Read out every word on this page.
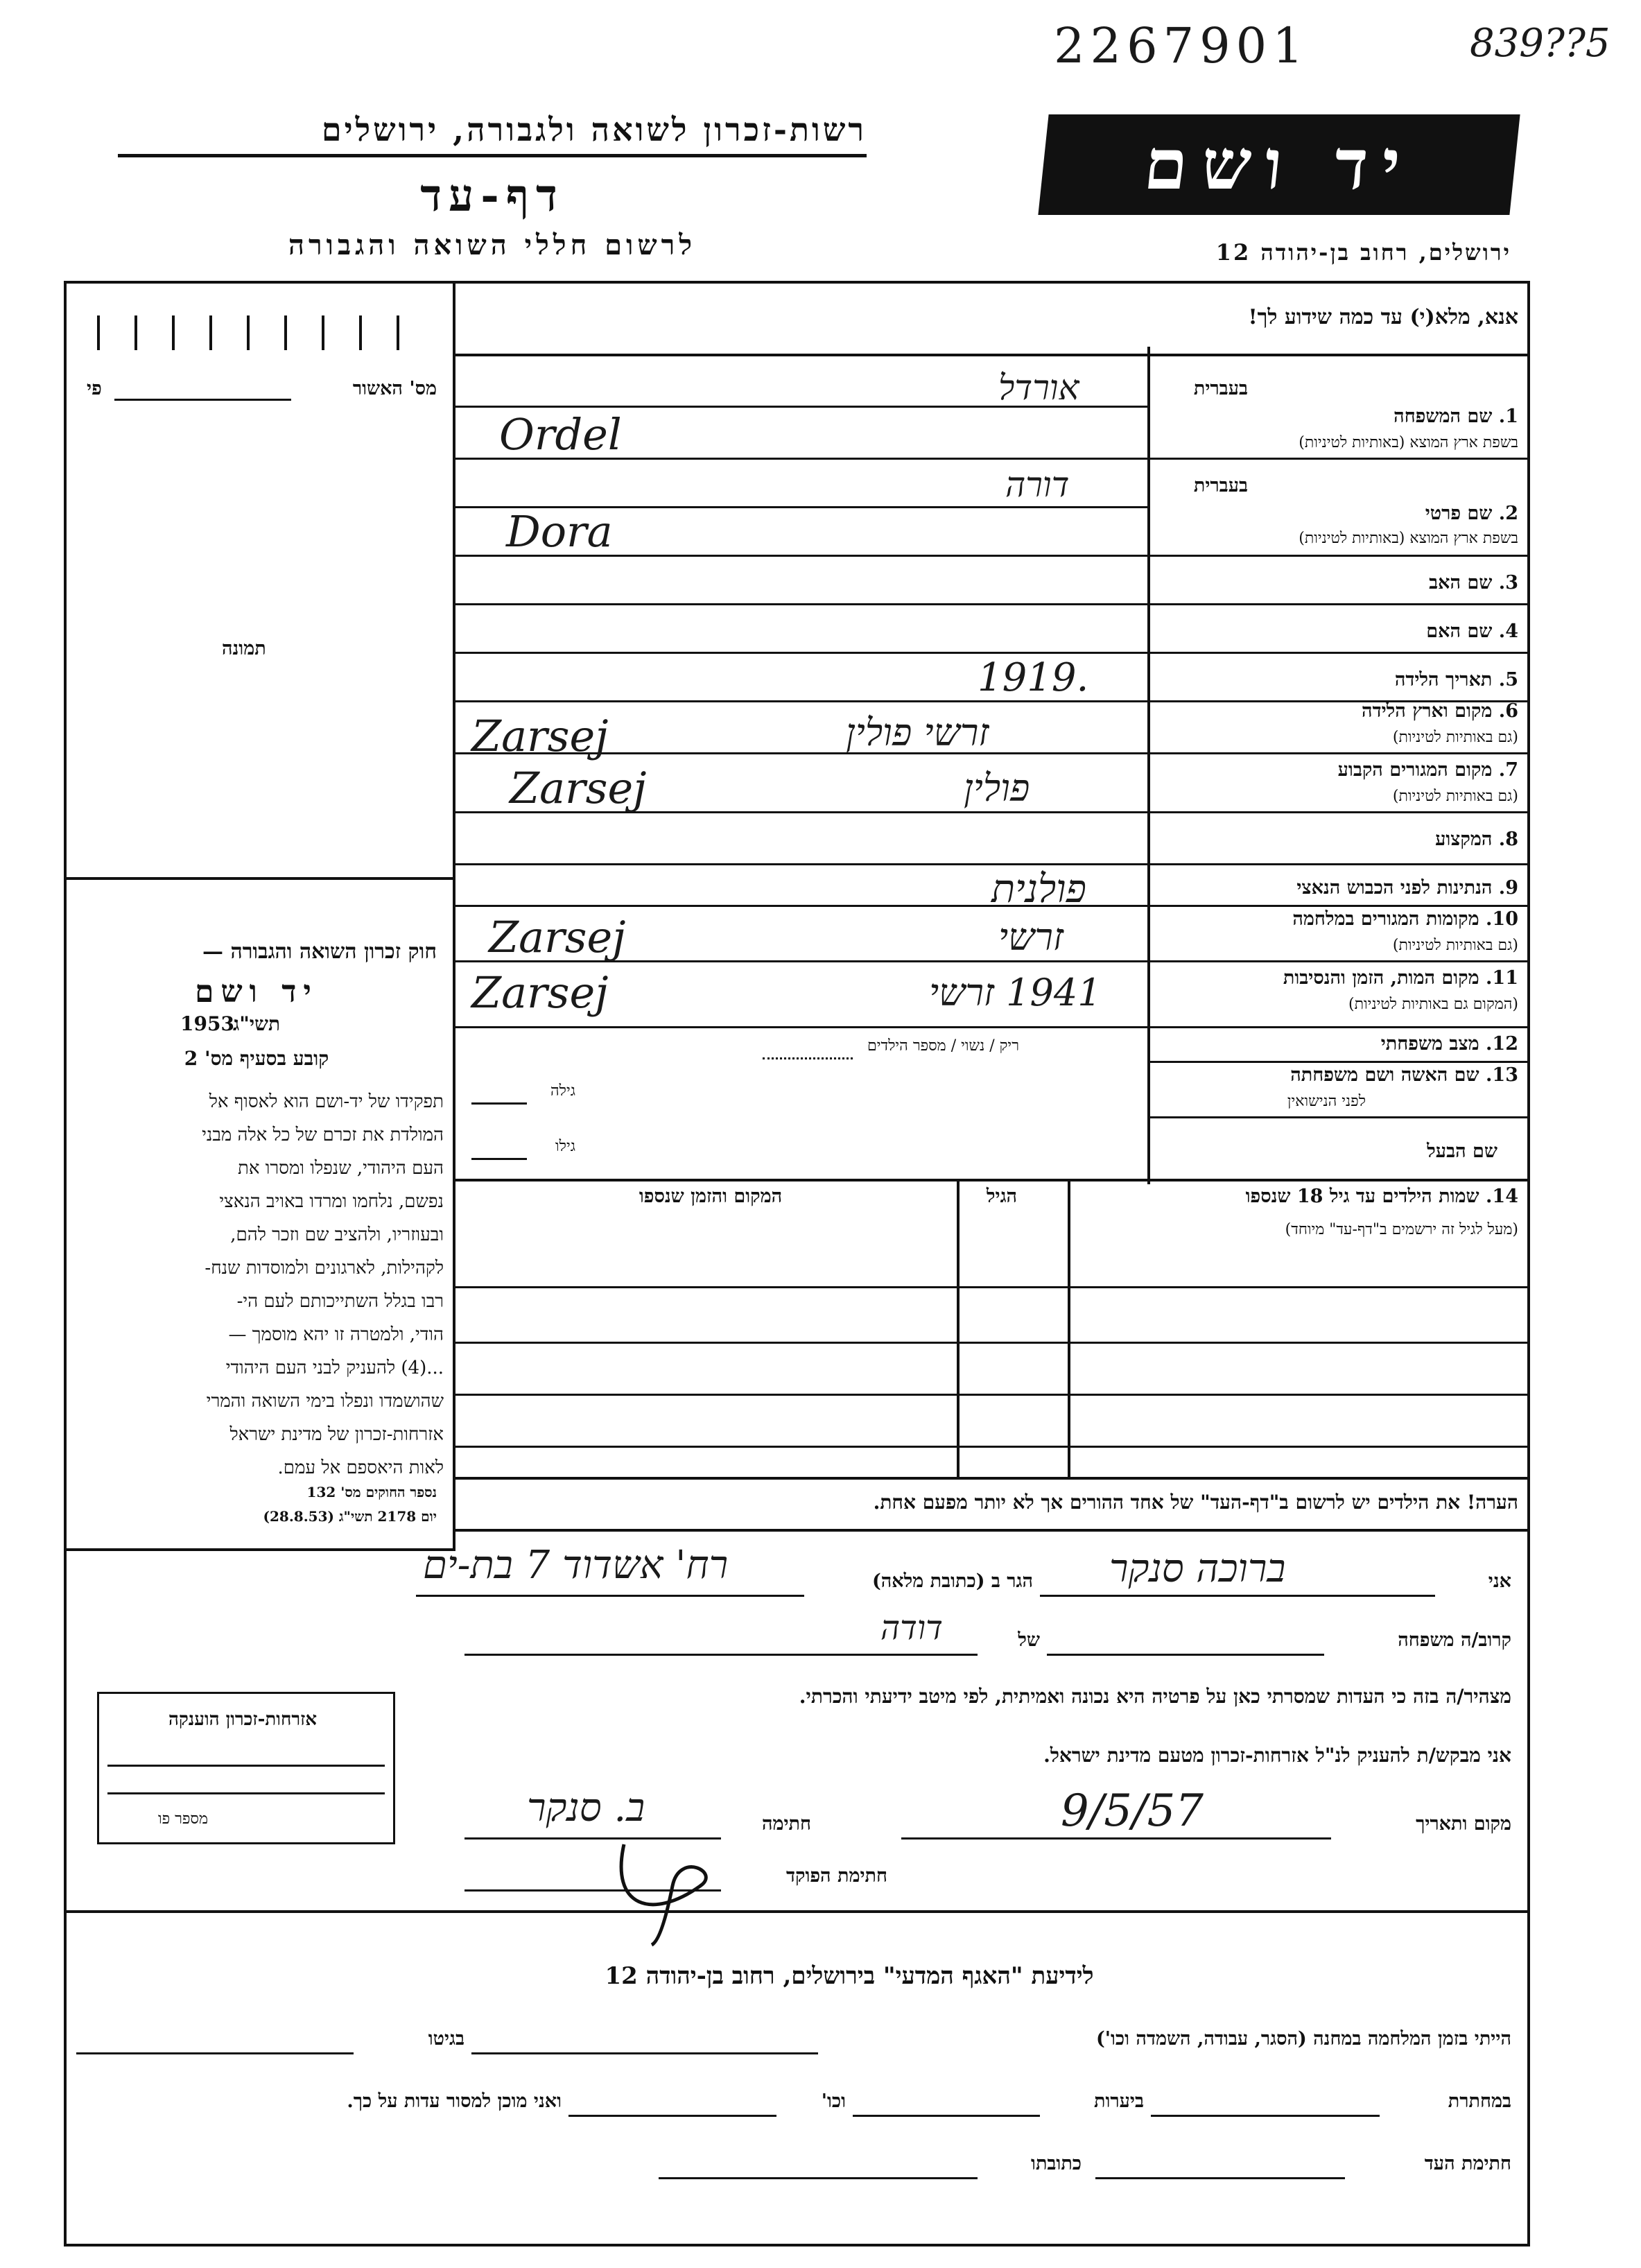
2267901	839??5
רשות-זכרון לשואה ולגבורה, ירושלים
דף-עד
לרשום חללי השואה והגבורה
יד ושם
ירושלים, רחוב בן-יהודה 12
אנא, מלא(י) עד כמה שידוע לך!
מס' האשור
פי
תמונה
בעברית
1. שם המשפחה
בשפת ארץ המוצא (באותיות לטיניות)
אורדל
Ordel
בעברית
2. שם פרטי
בשפת ארץ המוצא (באותיות לטיניות)
דורה
Dora
3. שם האב
4. שם האם
5. תאריך הלידה
1919.
6. מקום וארץ הלידה
(גם באותיות לטיניות)
Zarsej	זרשי פולין
7. מקום המגורים הקבוע
(גם באותיות לטיניות)
Zarsej	פולין
8. המקצוע
9. הנתינות לפני הכבוש הנאצי
פולנית
10. מקומות המגורים במלחמה
(גם באותיות לטיניות)
Zarsej	זרשי
11. מקום המות, הזמן והנסיבות
(המקום גם באותיות לטיניות)
Zarsej	1941 זרשי
12. מצב משפחתי
ריק / נשוי / מספר הילדים
13. שם האשה ושם משפחתה
לפני הנישואין
גילה
שם הבעל
גילו
14. שמות הילדים עד גיל 18 שנספו
(מעל לגיל זה ירשמים ב"דף-עד" מיוחד)
הגיל
המקום והזמן שנספו
הערה! את הילדים יש לרשום ב"דף-העד" של אחד ההורים אך לא יותר מפעם אחת.
חוק זכרון השואה והגבורה —
יד ושם
תשי"ג
1953
קובע בסעיף מס' 2
תפקידו של יד-ושם הוא לאסוף אל
המולדת את זכרם של כל אלה מבני
העם היהודי, שנפלו ומסרו את
נפשם, נלחמו ומרדו באויב הנאצי
ובעוזריו, ולהציב שם וזכר להם,
לקהילות, לארגונים ולמוסדות שנח-
רבו בגלל השתייכותם לעם הי-
הודי, ולמטרה זו יהא מוסמך —
...(4) להעניק לבני העם היהודי
שהושמדו ונפלו בימי השואה והמרי
אזרחות-זכרון של מדינת ישראל
לאות היאספם אל עמם.
נספר החוקים מס' 132
יום 2178 תשי"ג (28.8.53)
אני
ברוכה סנקר
הגר ב (כתובת מלאה)
רח' אשדוד 7 בת-ים
קרוב/ה משפחה
של
דודה
מצהיר/ה בזה כי העדות שמסרתי כאן על פרטיה היא נכונה ואמיתית, לפי מיטב ידיעתי והכרתי.
אני מבקש/ת להעניק לנ"ל אזרחות-זכרון מטעם מדינת ישראל.
מקום ותאריך
9/5/57
חתימה
ב. סנקר
חתימת הפוקד
אזרחות-זכרון הוענקה
מספר פו
לידיעת "האגף המדעי" בירושלים, רחוב בן-יהודה 12
הייתי בזמן המלחמה במחנה (הסגר, עבודה, השמדה וכו')
בגיטו
במחתרת
ביערות
וכו'
ואני מוכן למסור עדות על כך.
חתימת העד
כתובתו
